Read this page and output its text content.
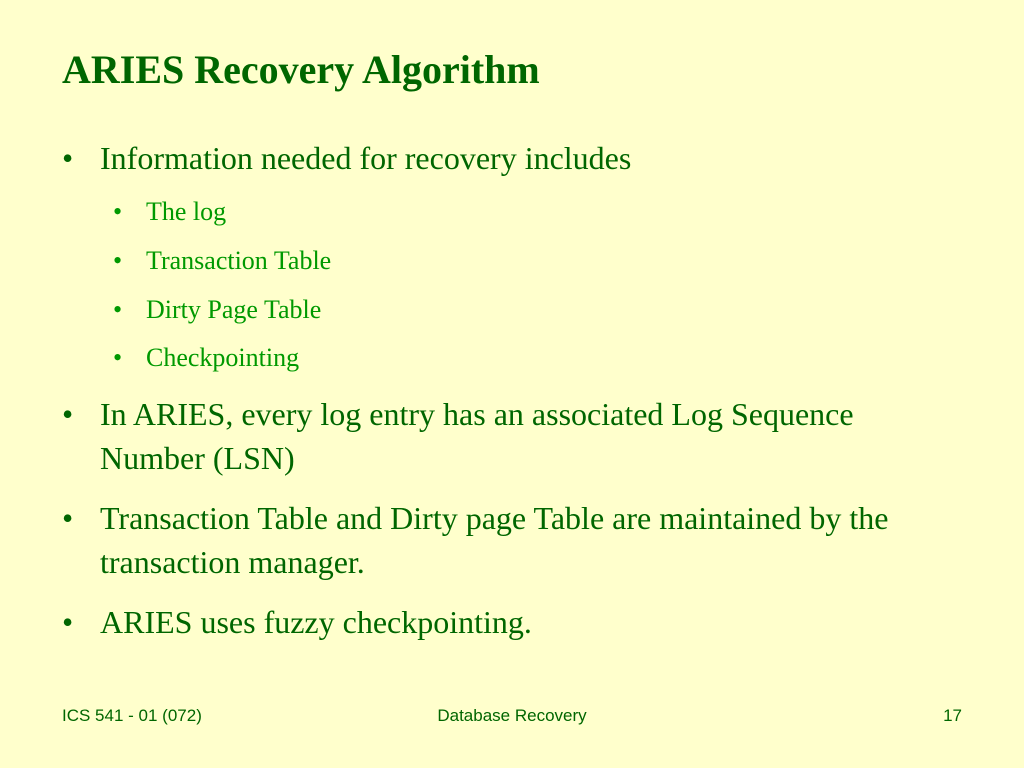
ARIES Recovery Algorithm
• Information needed for recovery includes
• The log
• Transaction Table
• Dirty Page Table
• Checkpointing
• In ARIES, every log entry has an associated Log Sequence Number (LSN)
• Transaction Table and Dirty page Table are maintained by the transaction manager.
• ARIES uses fuzzy checkpointing.
ICS 541 - 01 (072)	Database Recovery	17
